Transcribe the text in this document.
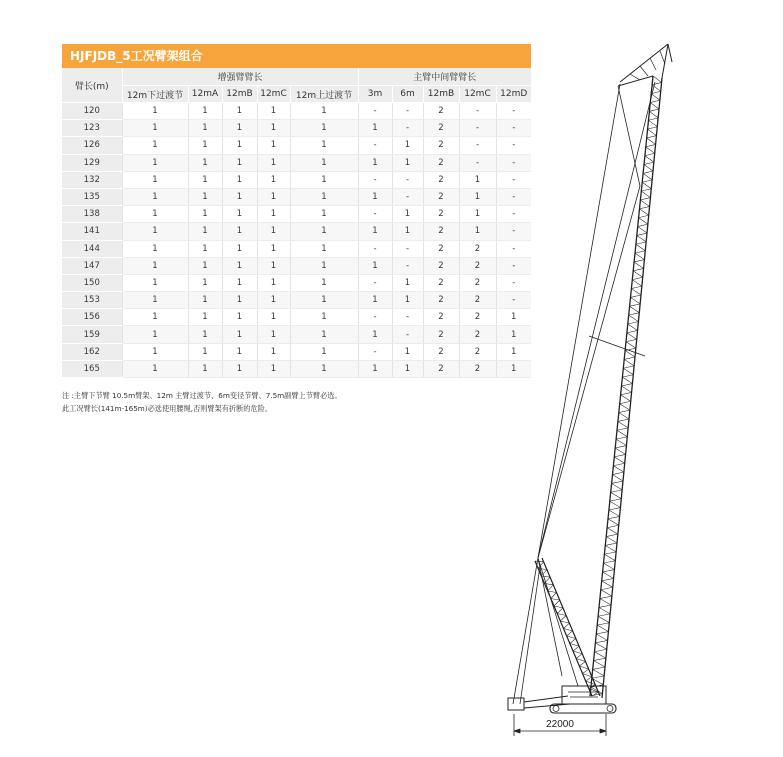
HJFJDB_5工况臂架组合
臂长(m)	增强臂臂长					主臂中间臂臂长				
	12m下过渡节	12mA	12mB	12mC	12m上过渡节	3m	6m	12mB	12mC	12mD
120	1	1	1	1	1	-	-	2	-	-
123	1	1	1	1	1	1	-	2	-	-
126	1	1	1	1	1	-	1	2	-	-
129	1	1	1	1	1	1	1	2	-	-
132	1	1	1	1	1	-	-	2	1	-
135	1	1	1	1	1	1	-	2	1	-
138	1	1	1	1	1	-	1	2	1	-
141	1	1	1	1	1	1	1	2	1	-
144	1	1	1	1	1	-	-	2	2	-
147	1	1	1	1	1	1	-	2	2	-
150	1	1	1	1	1	-	1	2	2	-
153	1	1	1	1	1	1	1	2	2	-
156	1	1	1	1	1	-	-	2	2	1
159	1	1	1	1	1	1	-	2	2	1
162	1	1	1	1	1	-	1	2	2	1
165	1	1	1	1	1	1	1	2	2	1
注 :主臂下节臂 10.5m臂架、12m 主臂过渡节、6m变径节臂、7.5m副臂上节臂必选。
此工况臂长(141m-165m)必选使用腰绳,否则臂架有折断的危险。
22000
